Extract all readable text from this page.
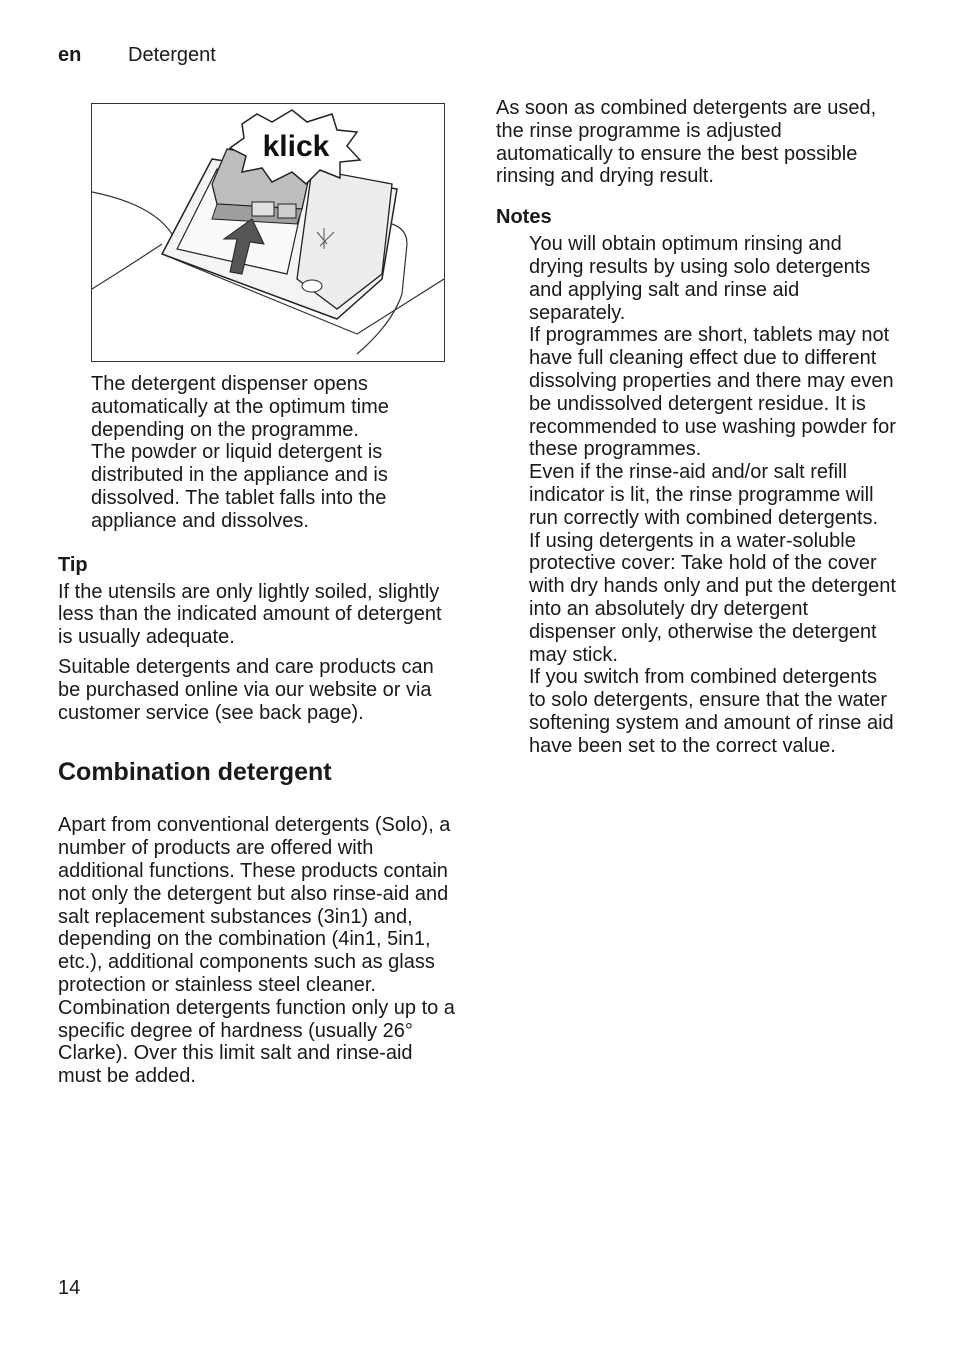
en Detergent
klick

The detergent dispenser opens automatically at the optimum time depending on the programme.

The powder or liquid detergent is distributed in the appliance and is dissolved. The tablet falls into the appliance and dissolves.

Tip

If the utensils are only lightly soiled, slightly less than the indicated amount of detergent is usually adequate.

Suitable detergents and care products can be purchased online via our website or via customer service (see back page).

Combination detergent

Apart from conventional detergents (Solo), a number of products are offered with additional functions. These products contain not only the detergent but also rinse-aid and salt replacement substances (3in1) and, depending on the combination (4in1, 5in1, etc.), additional components such as glass protection or stainless steel cleaner. Combination detergents function only up to a specific degree of hardness (usually 26° Clarke). Over this limit salt and rinse-aid must be added.

As soon as combined detergents are used, the rinse programme is adjusted automatically to ensure the best possible rinsing and drying result.

Notes

You will obtain optimum rinsing and drying results by using solo detergents and applying salt and rinse aid separately.

If programmes are short, tablets may not have full cleaning effect due to different dissolving properties and there may even be undissolved detergent residue. It is recommended to use washing powder for these programmes.

Even if the rinse-aid and/or salt refill indicator is lit, the rinse programme will run correctly with combined detergents.

If using detergents in a water-soluble protective cover: Take hold of the cover with dry hands only and put the detergent into an absolutely dry detergent dispenser only, otherwise the detergent may stick.

If you switch from combined detergents to solo detergents, ensure that the water softening system and amount of rinse aid have been set to the correct value.

14
